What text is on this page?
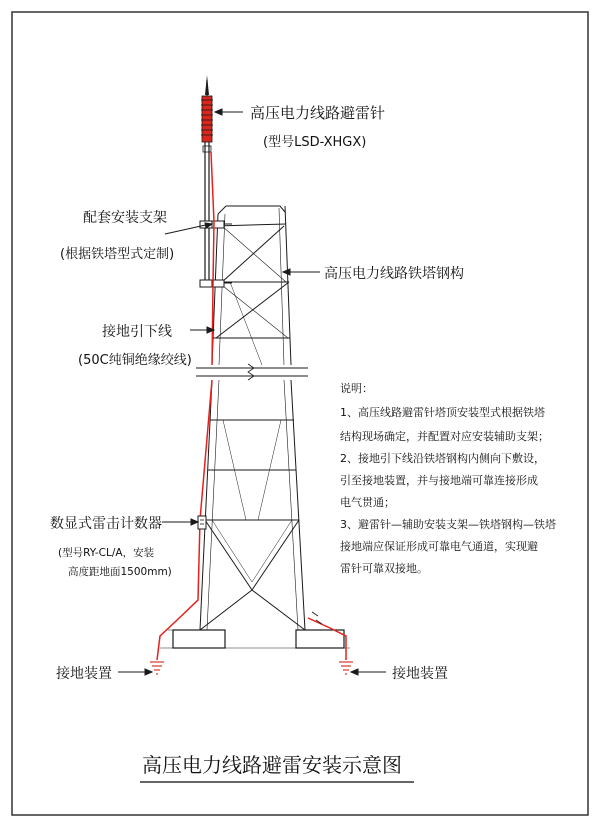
高压电力线路避雷针
(型号LSD-XHGX)
配套安装支架
(根据铁塔型式定制)
高压电力线路铁塔钢构
接地引下线
(50C纯铜绝缘绞线)
数显式雷击计数器
(型号RY-CL/A，安装
高度距地面1500mm)
接地装置	接地装置
说明：
1、高压线路避雷针塔顶安装型式根据铁塔
结构现场确定，并配置对应安装辅助支架；
2、接地引下线沿铁塔钢构内侧向下敷设，
引至接地装置，并与接地端可靠连接形成
电气贯通；
3、避雷针—辅助安装支架—铁塔钢构—铁塔
接地端应保证形成可靠电气通道，实现避
雷针可靠双接地。
高压电力线路避雷安装示意图
